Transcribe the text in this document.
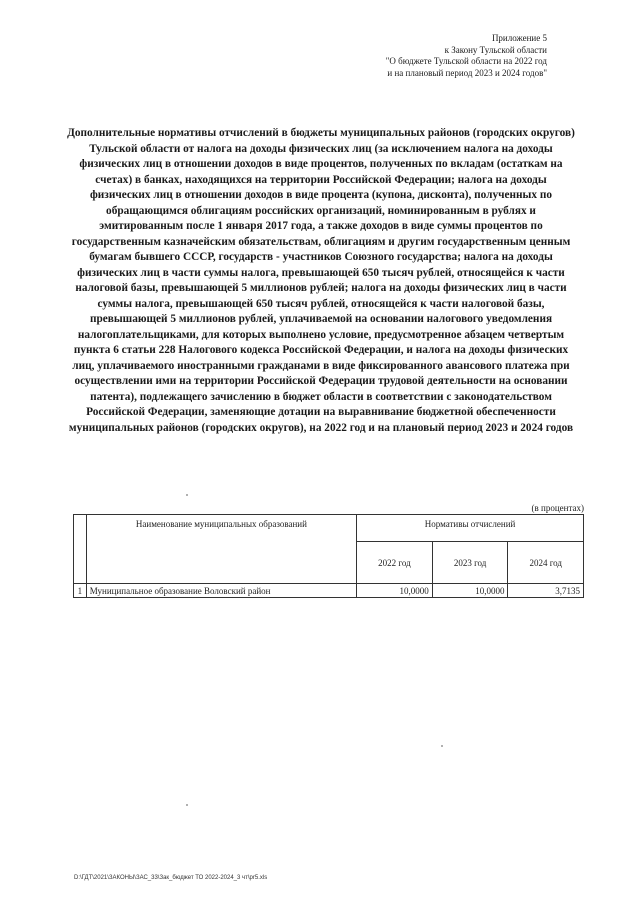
Приложение 5
к Закону Тульской области
"О бюджете Тульской области на 2022 год
и на плановый период 2023 и 2024 годов"
Дополнительные нормативы отчислений в бюджеты муниципальных районов (городских округов) Тульской области от налога на доходы физических лиц (за исключением налога на доходы физических лиц в отношении доходов в виде процентов, полученных по вкладам (остаткам на счетах) в банках, находящихся на территории Российской Федерации; налога на доходы физических лиц в отношении доходов в виде процента (купона, дисконта), полученных по обращающимся облигациям российских организаций, номинированным в рублях и эмитированным после 1 января 2017 года, а также доходов в виде суммы процентов по государственным казначейским обязательствам, облигациям и другим государственным ценным бумагам бывшего СССР, государств - участников Союзного государства; налога на доходы физических лиц в части суммы налога, превышающей 650 тысяч рублей, относящейся к части налоговой базы, превышающей 5 миллионов рублей; налога на доходы физических лиц в части суммы налога, превышающей 650 тысяч рублей, относящейся к части налоговой базы, превышающей 5 миллионов рублей, уплачиваемой на основании налогового уведомления налогоплательщиками, для которых выполнено условие, предусмотренное абзацем четвертым пункта 6 статьи 228 Налогового кодекса Российской Федерации, и налога на доходы физических лиц, уплачиваемого иностранными гражданами в виде фиксированного авансового платежа при осуществлении ими на территории Российской Федерации трудовой деятельности на основании патента), подлежащего зачислению в бюджет области в соответствии с законодательством Российской Федерации, заменяющие дотации на выравнивание бюджетной обеспеченности муниципальных районов (городских округов), на 2022 год и на плановый период 2023 и 2024 годов
(в процентах)
	Наименование муниципальных образований	Нормативы отчислений		
		2022 год	2023 год	2024 год
1	Муниципальное образование Воловский район	10,0000	10,0000	3,7135
D:\ГДТ\2021\ЗАКОНЫ\ЗАС_33\Зак_бюджет ТО 2022-2024_3 чт\pr5.xls
